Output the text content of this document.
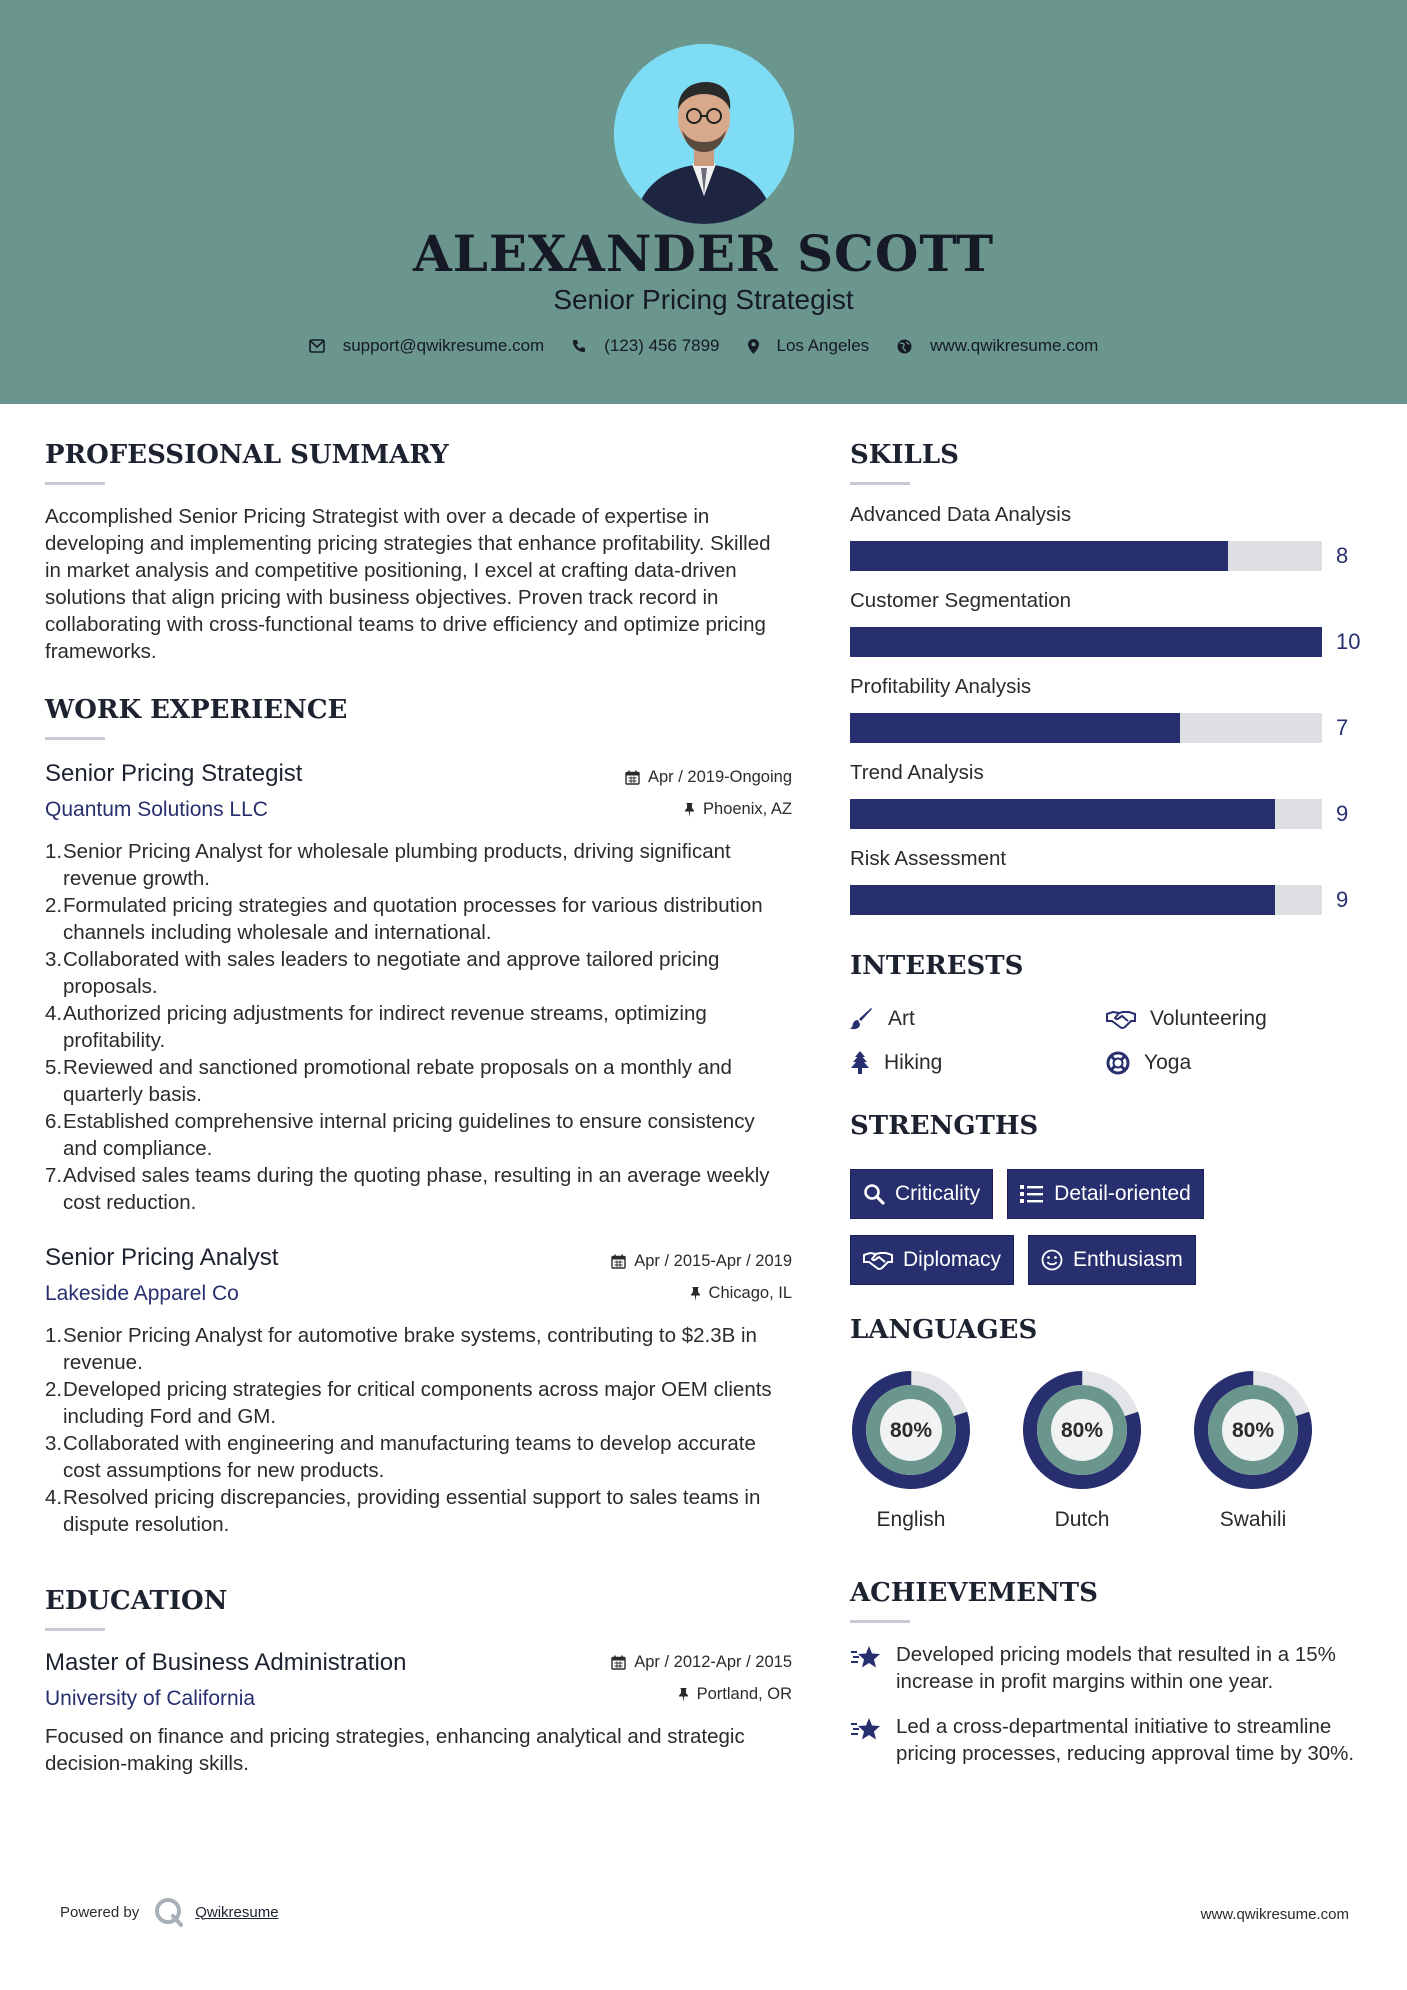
ALEXANDER SCOTT
Senior Pricing Strategist
support@qwikresume.com	(123) 456 7899	Los Angeles	www.qwikresume.com
PROFESSIONAL SUMMARY
Accomplished Senior Pricing Strategist with over a decade of expertise in developing and implementing pricing strategies that enhance profitability. Skilled in market analysis and competitive positioning, I excel at crafting data-driven solutions that align pricing with business objectives. Proven track record in collaborating with cross-functional teams to drive efficiency and optimize pricing frameworks.
WORK EXPERIENCE
Senior Pricing Strategist
Quantum Solutions LLC
Apr / 2019-Ongoing
Phoenix, AZ
1. Senior Pricing Analyst for wholesale plumbing products, driving significant revenue growth.
2. Formulated pricing strategies and quotation processes for various distribution channels including wholesale and international.
3. Collaborated with sales leaders to negotiate and approve tailored pricing proposals.
4. Authorized pricing adjustments for indirect revenue streams, optimizing profitability.
5. Reviewed and sanctioned promotional rebate proposals on a monthly and quarterly basis.
6. Established comprehensive internal pricing guidelines to ensure consistency and compliance.
7. Advised sales teams during the quoting phase, resulting in an average weekly cost reduction.
Senior Pricing Analyst
Lakeside Apparel Co
Apr / 2015-Apr / 2019
Chicago, IL
1. Senior Pricing Analyst for automotive brake systems, contributing to $2.3B in revenue.
2. Developed pricing strategies for critical components across major OEM clients including Ford and GM.
3. Collaborated with engineering and manufacturing teams to develop accurate cost assumptions for new products.
4. Resolved pricing discrepancies, providing essential support to sales teams in dispute resolution.
EDUCATION
Master of Business Administration
University of California
Apr / 2012-Apr / 2015
Portland, OR
Focused on finance and pricing strategies, enhancing analytical and strategic decision-making skills.
SKILLS
Advanced Data Analysis
8
Customer Segmentation
10
Profitability Analysis
7
Trend Analysis
9
Risk Assessment
9
INTERESTS
Art	Volunteering
Hiking	Yoga
STRENGTHS
Criticality	Detail-oriented
Diplomacy	Enthusiasm
LANGUAGES
80%
English
80%
Dutch
80%
Swahili
ACHIEVEMENTS
Developed pricing models that resulted in a 15% increase in profit margins within one year.
Led a cross-departmental initiative to streamline pricing processes, reducing approval time by 30%.
Powered by	Qwikresume	www.qwikresume.com
